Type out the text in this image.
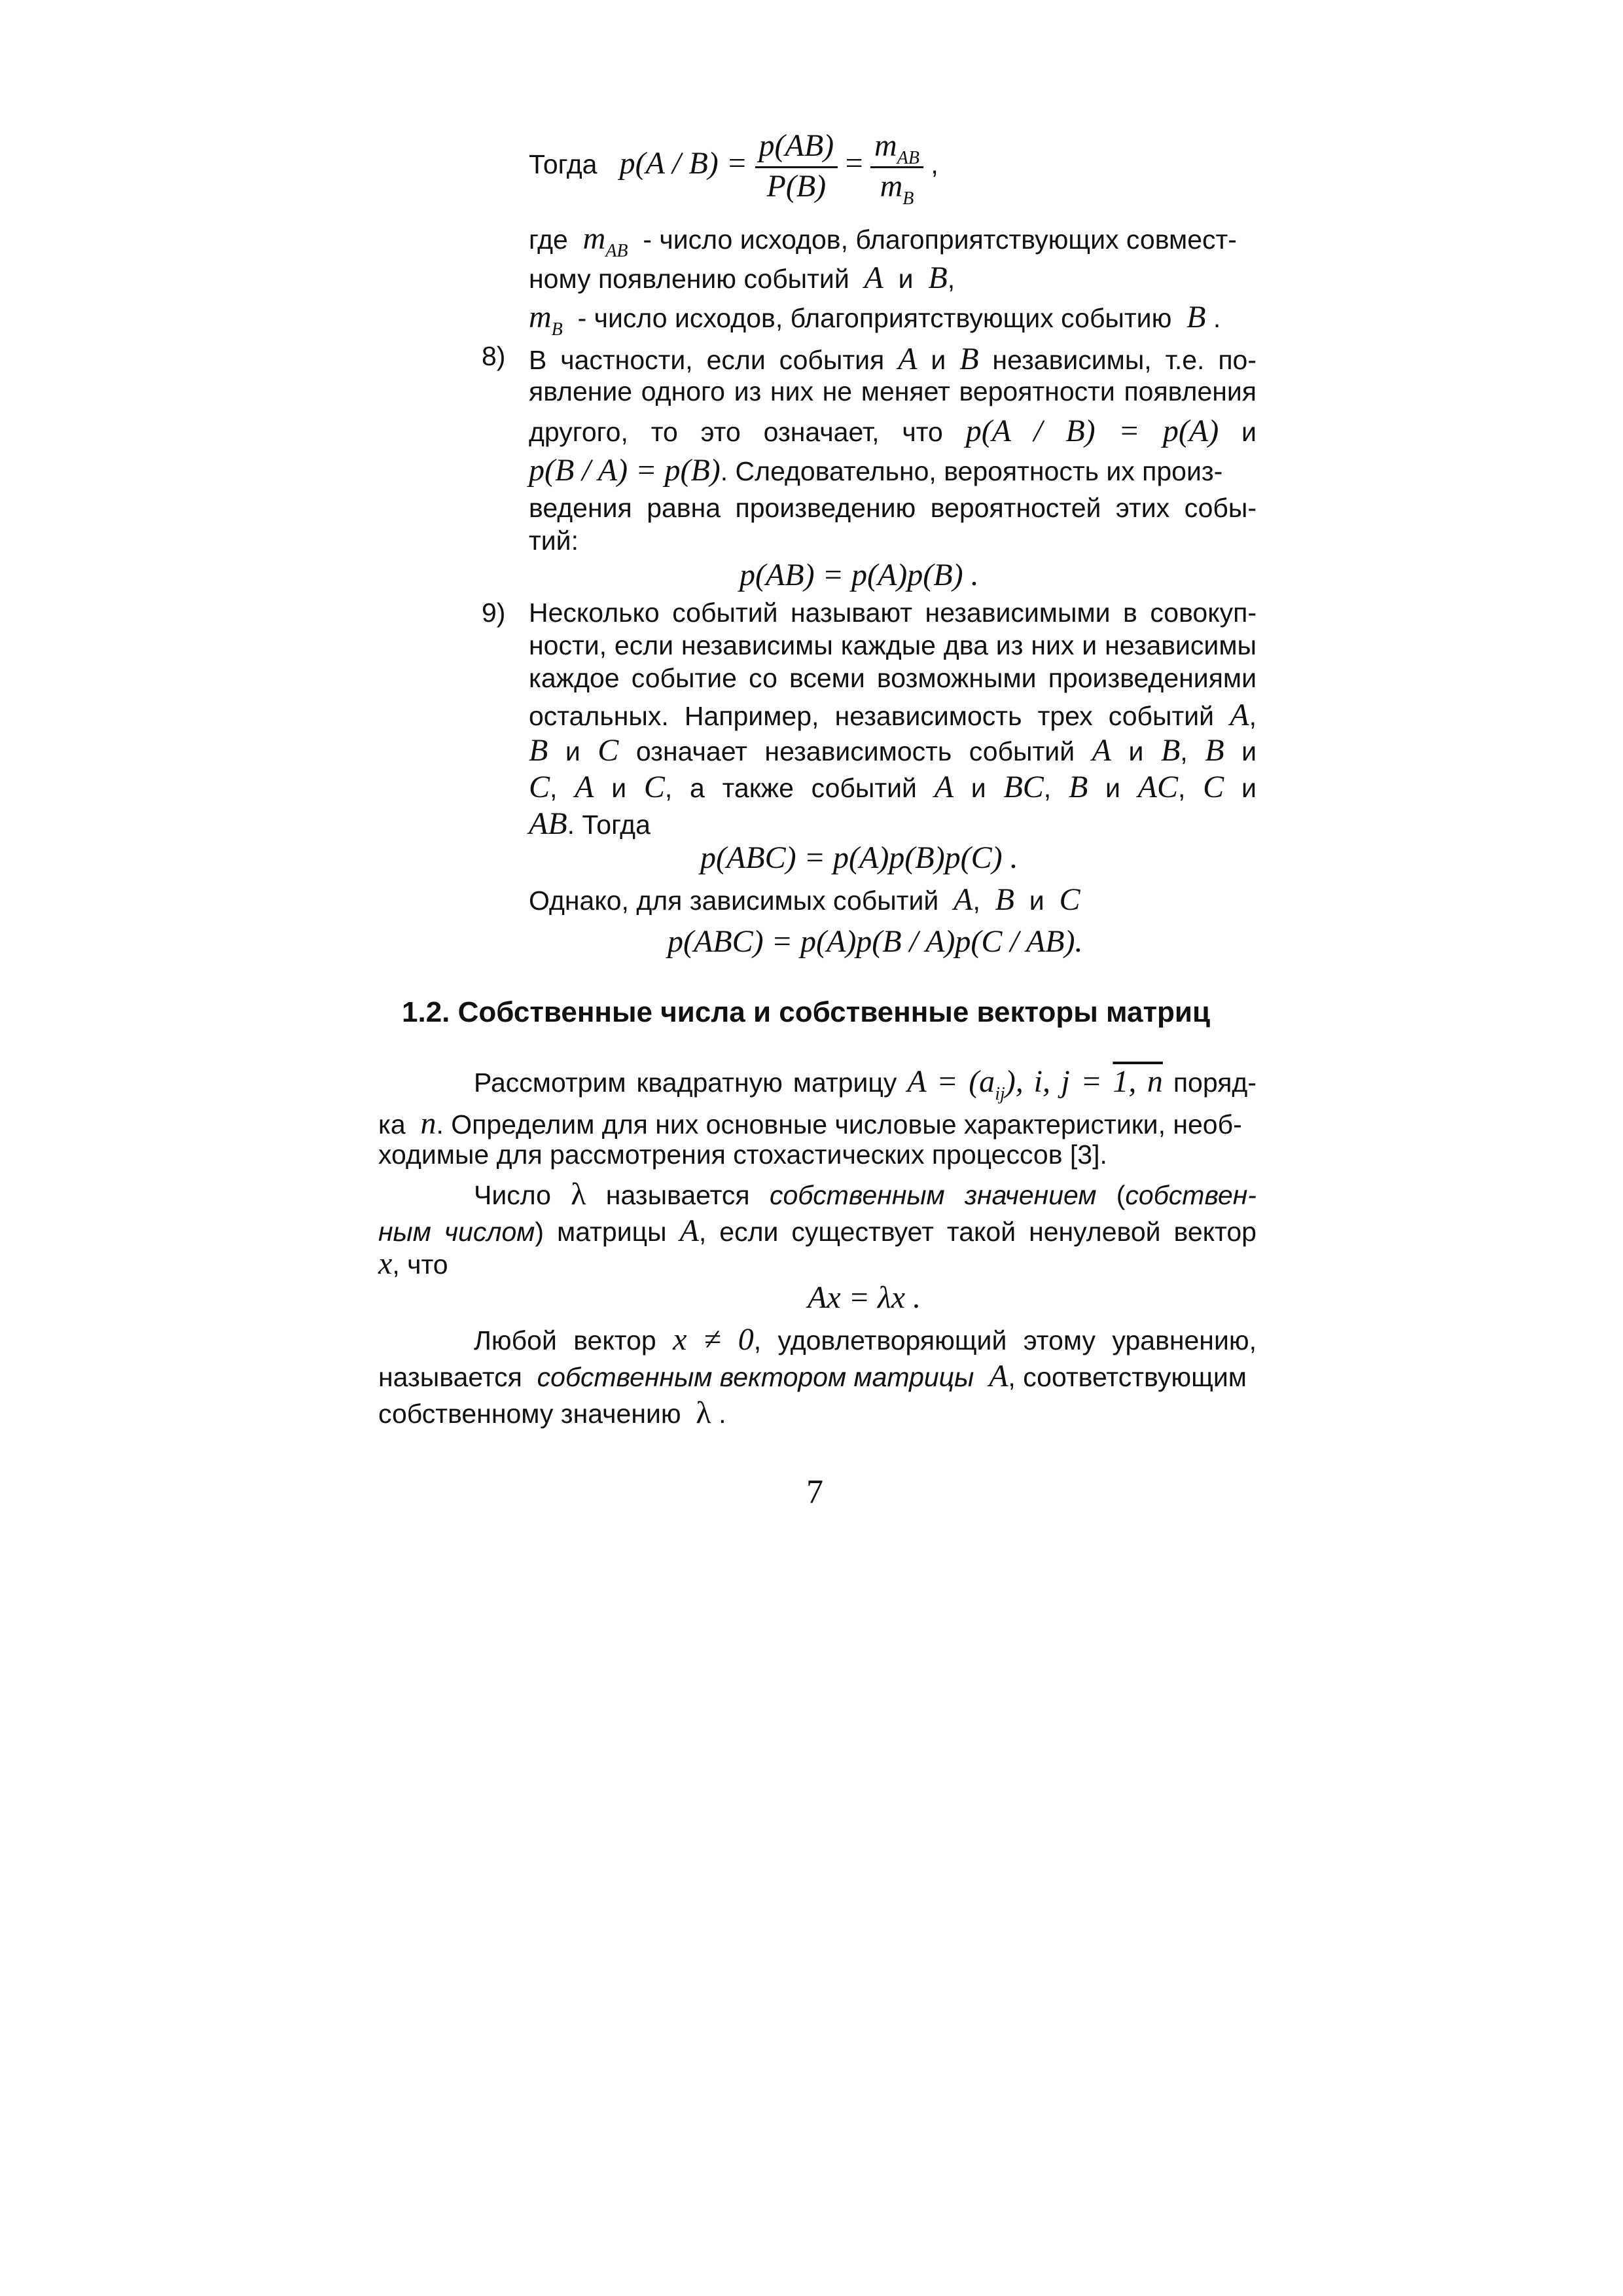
Тогда $p(A / B) = \frac{p(AB)}{P(B)} = \frac{m_{AB}}{m_B}$ ,
где $m_{AB}$ - число исходов, благоприятствующих совмест-
ному появлению событий A и B,
$m_B$ - число исходов, благоприятствующих событию B .
8) В частности, если события A и B независимы, т.е. по-
явление одного из них не меняет вероятности появления
другого, то это означает, что p(A / B) = p(A) и
p(B / A) = p(B). Следовательно, вероятность их произ-
ведения равна произведению вероятностей этих собы-
тий:
p(AB) = p(A)p(B) .
9) Несколько событий называют независимыми в совокуп-
ности, если независимы каждые два из них и независимы
каждое событие со всеми возможными произведениями
остальных. Например, независимость трех событий A,
B и C означает независимость событий A и B, B и
C, A и C, а также событий A и BC, B и AC, C и
AB. Тогда
p(ABC) = p(A)p(B)p(C) .
Однако, для зависимых событий A, B и C
p(ABC) = p(A)p(B / A)p(C / AB).
1.2. Собственные числа и собственные векторы матриц
Рассмотрим квадратную матрицу $A = (a_{ij})$, i, j = 1, n поряд-
ка n. Определим для них основные числовые характеристики, необ-
ходимые для рассмотрения стохастических процессов [3].
Число λ называется собственным значением (собствен-
ным числом) матрицы A, если существует такой ненулевой вектор
x, что
Ax = λx .
Любой вектор x ≠ 0, удовлетворяющий этому уравнению,
называется собственным вектором матрицы A, соответствующим
собственному значению λ .
7
